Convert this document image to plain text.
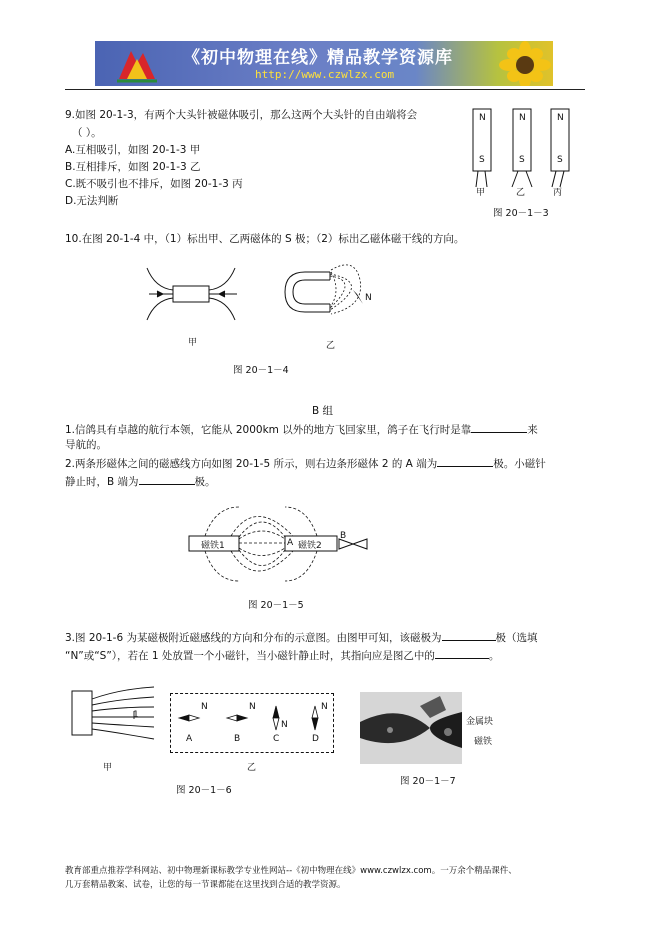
《初中物理在线》精品教学资源库
http://www.czwlzx.com
9.如图 20-1-3，有两个大头针被磁体吸引，那么这两个大头针的自由端将会
（ ）。
A.互相吸引，如图 20-1-3 甲
B.互相排斥，如图 20-1-3 乙
C.既不吸引也不排斥，如图 20-1-3 丙
D.无法判断
N
S
N
S
N
S
甲	乙	丙
图 20－1－3
10.在图 20-1-4 中，（1）标出甲、乙两磁体的 S 极；（2）标出乙磁体磁干线的方向。
N
甲	乙
图 20－1－4
B 组
1.信鸽具有卓越的航行本领，它能从 2000km 以外的地方飞回家里，鸽子在飞行时是靠	来
导航的。
2.两条形磁体之间的磁感线方向如图 20-1-5 所示，则右边条形磁体 2 的 A 端为	极。小磁针
静止时，B 端为	极。
磁铁1	A 磁铁2
B
图 20－1－5
3.图 20-1-6 为某磁极附近磁感线的方向和分布的示意图。由图甲可知，该磁极为	极（选填
“N”或“S”），若在 1 处放置一个小磁针，当小磁针静止时，其指向应是图乙中的	。
1
甲
N	N
N
N
A	B	C	D
乙
图 20－1－6
金属块
磁铁
图 20－1－7
教育部重点推荐学科网站、初中物理新课标教学专业性网站--《初中物理在线》www.czwlzx.com。一万余个精品课件、
几万套精品教案、试卷，让您的每一节课都能在这里找到合适的教学资源。
